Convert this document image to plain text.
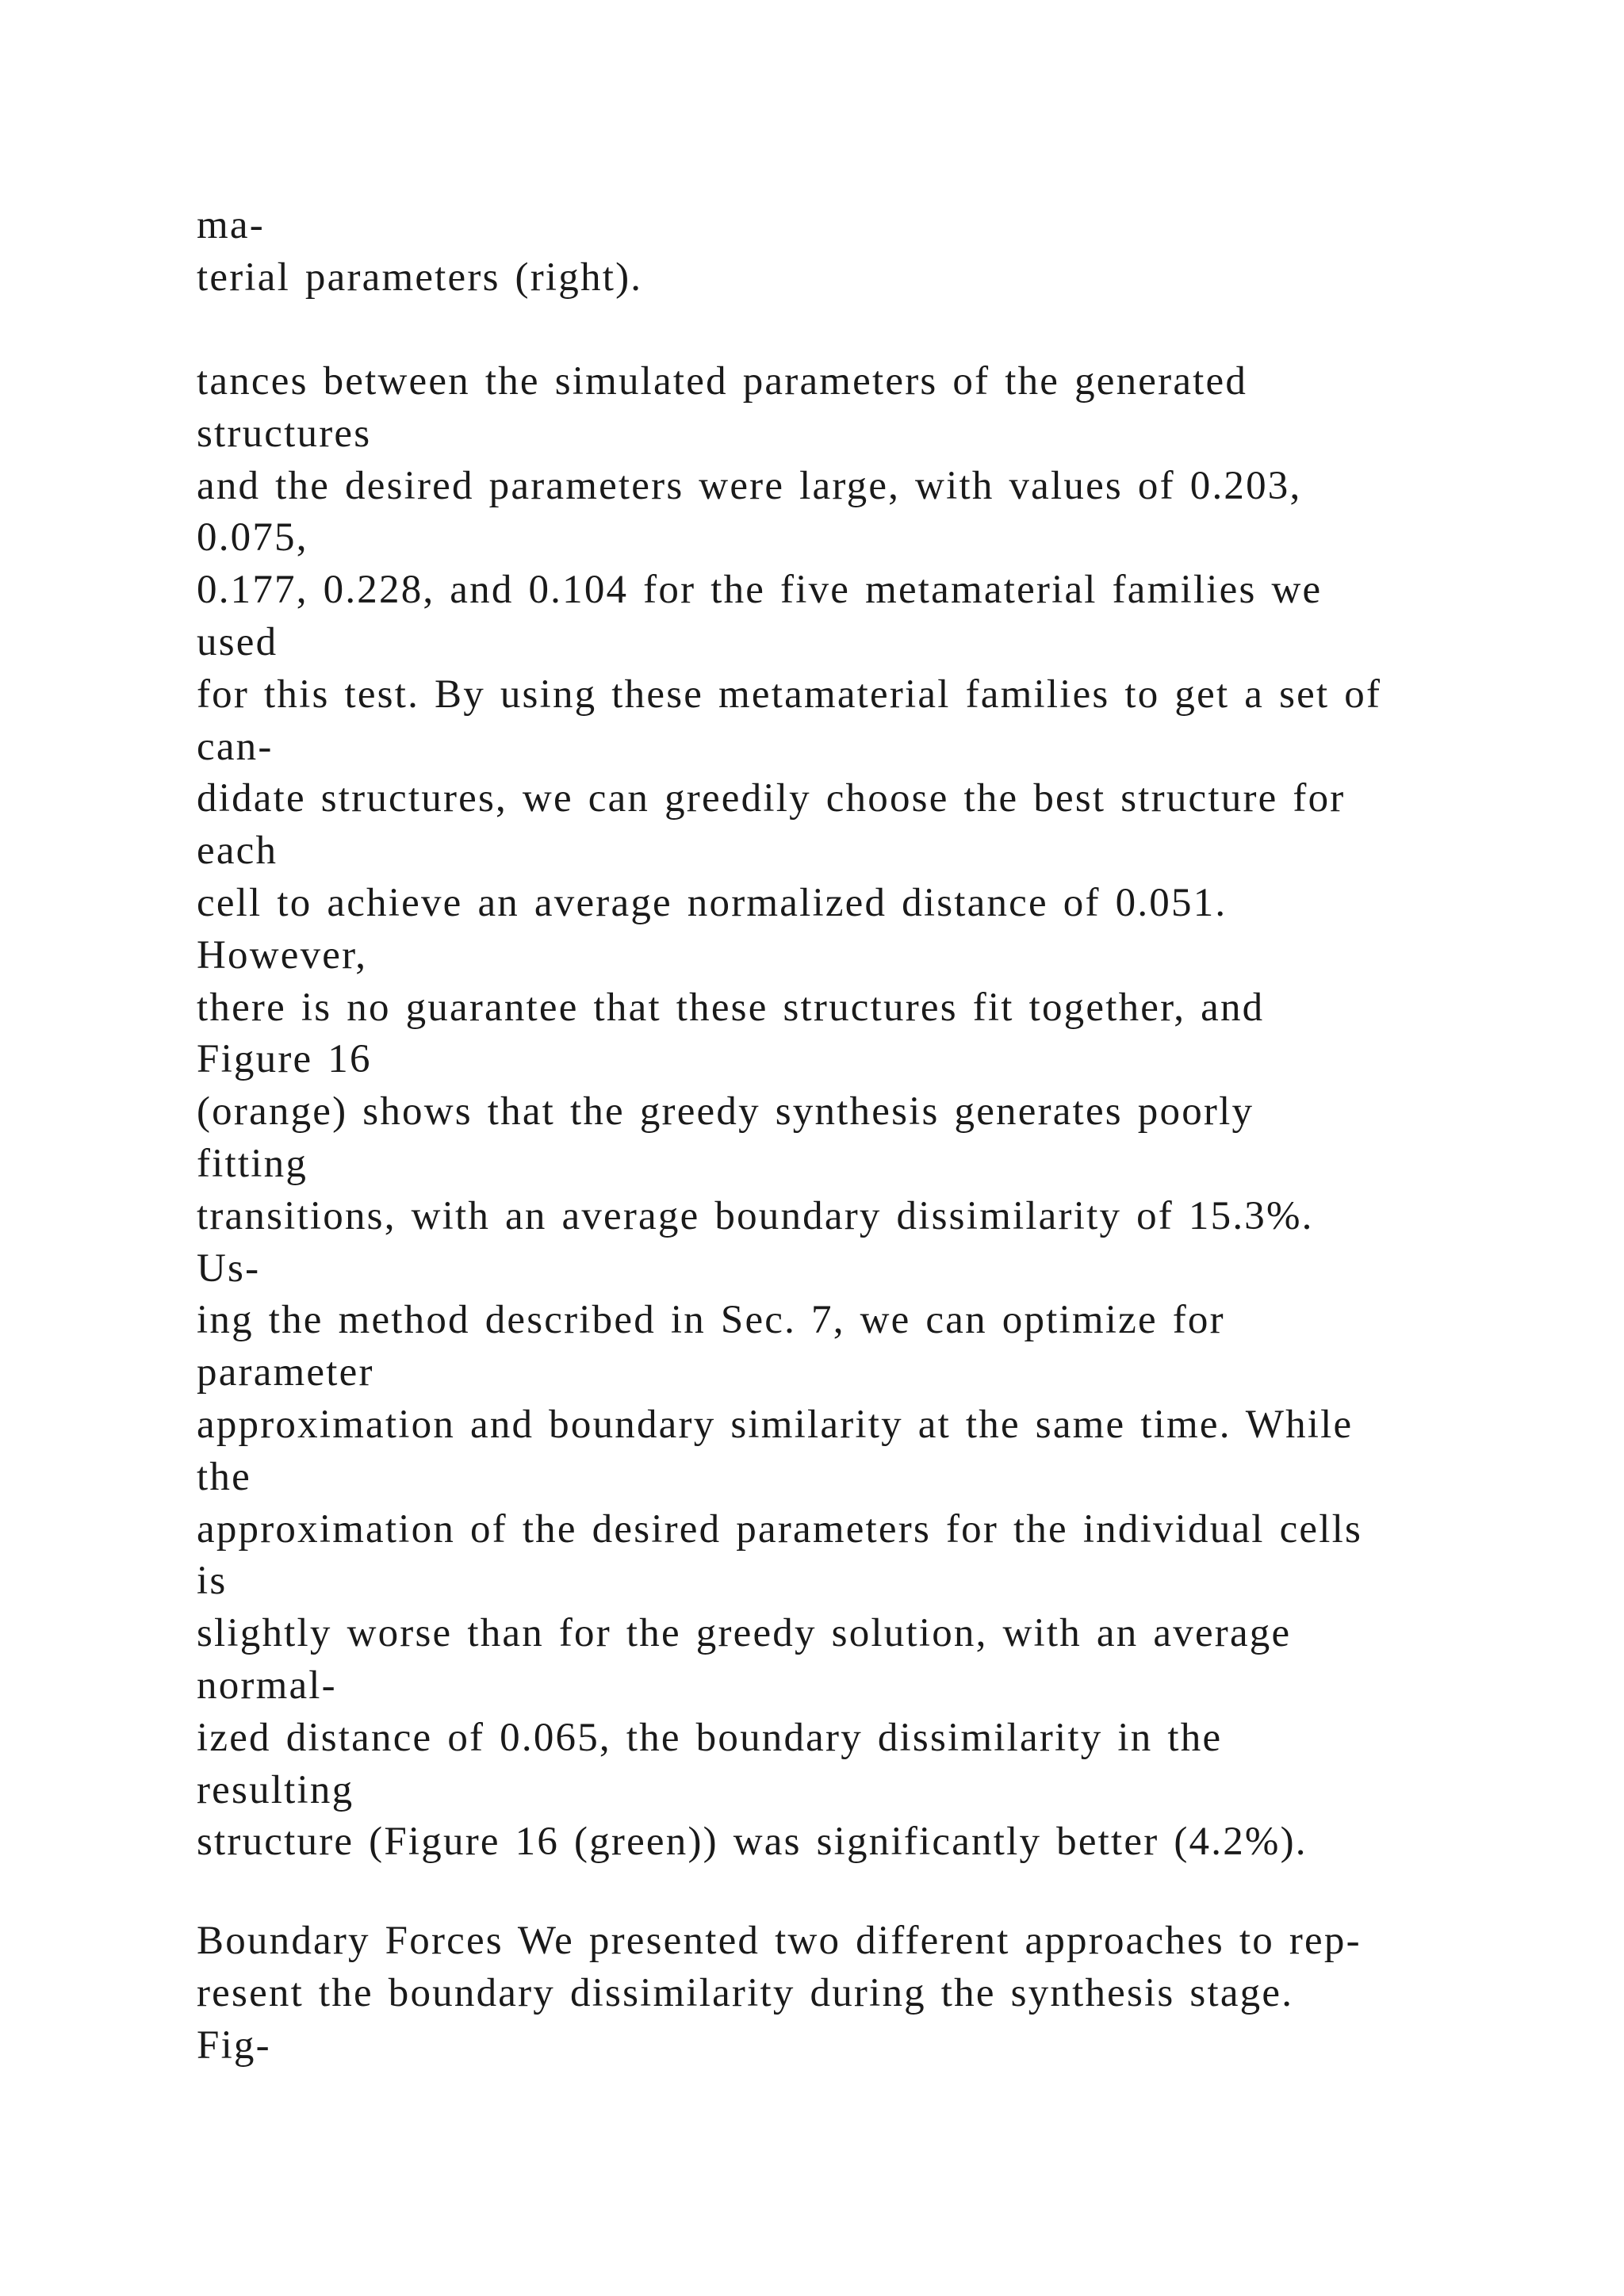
ma-
terial parameters (right).
tances between the simulated parameters of the generated
structures
and the desired parameters were large, with values of 0.203,
0.075,
0.177, 0.228, and 0.104 for the five metamaterial families we
used
for this test. By using these metamaterial families to get a set of
can-
didate structures, we can greedily choose the best structure for
each
cell to achieve an average normalized distance of 0.051.
However,
there is no guarantee that these structures fit together, and
Figure 16
(orange) shows that the greedy synthesis generates poorly
fitting
transitions, with an average boundary dissimilarity of 15.3%.
Us-
ing the method described in Sec. 7, we can optimize for
parameter
approximation and boundary similarity at the same time. While
the
approximation of the desired parameters for the individual cells
is
slightly worse than for the greedy solution, with an average
normal-
ized distance of 0.065, the boundary dissimilarity in the
resulting
structure (Figure 16 (green)) was significantly better (4.2%).
Boundary Forces We presented two different approaches to rep-
resent the boundary dissimilarity during the synthesis stage.
Fig-
